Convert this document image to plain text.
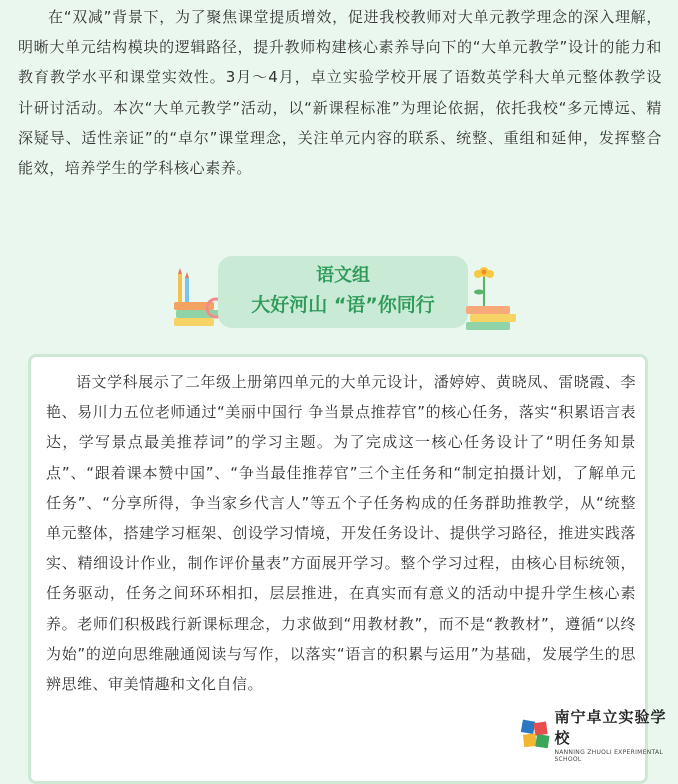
在“双减”背景下，为了聚焦课堂提质增效，促进我校教师对大单元教学理念的深入理解，明晰大单元结构模块的逻辑路径，提升教师构建核心素养导向下的“大单元教学”设计的能力和教育教学水平和课堂实效性。3月～4月，卓立实验学校开展了语数英学科大单元整体教学设计研讨活动。本次“大单元教学”活动，以“新课程标准”为理论依据，依托我校“多元博远、精深疑导、适性亲证”的“卓尔”课堂理念，关注单元内容的联系、统整、重组和延伸，发挥整合能效，培养学生的学科核心素养。
语文组
大好河山 “语”你同行
语文学科展示了二年级上册第四单元的大单元设计，潘婷婷、黄晓凤、雷晓霞、李艳、易川力五位老师通过“美丽中国行 争当景点推荐官”的核心任务，落实“积累语言表达，学写景点最美推荐词”的学习主题。为了完成这一核心任务设计了“明任务知景点”、“跟着课本赞中国”、“争当最佳推荐官”三个主任务和“制定拍摄计划，了解单元任务”、“分享所得，争当家乡代言人”等五个子任务构成的任务群助推教学，从“统整单元整体，搭建学习框架、创设学习情境，开发任务设计、提供学习路径，推进实践落实、精细设计作业，制作评价量表”方面展开学习。整个学习过程，由核心目标统领，任务驱动，任务之间环环相扣，层层推进，在真实而有意义的活动中提升学生核心素养。老师们积极践行新课标理念，力求做到“用教材教”，而不是“教教材”，遵循“以终为始”的逆向思维融通阅读与写作，以落实“语言的积累与运用”为基础，发展学生的思辨思维、审美情趣和文化自信。
南宁卓立实验学校
NANNING ZHUOLI EXPERIMENTAL SCHOOL
